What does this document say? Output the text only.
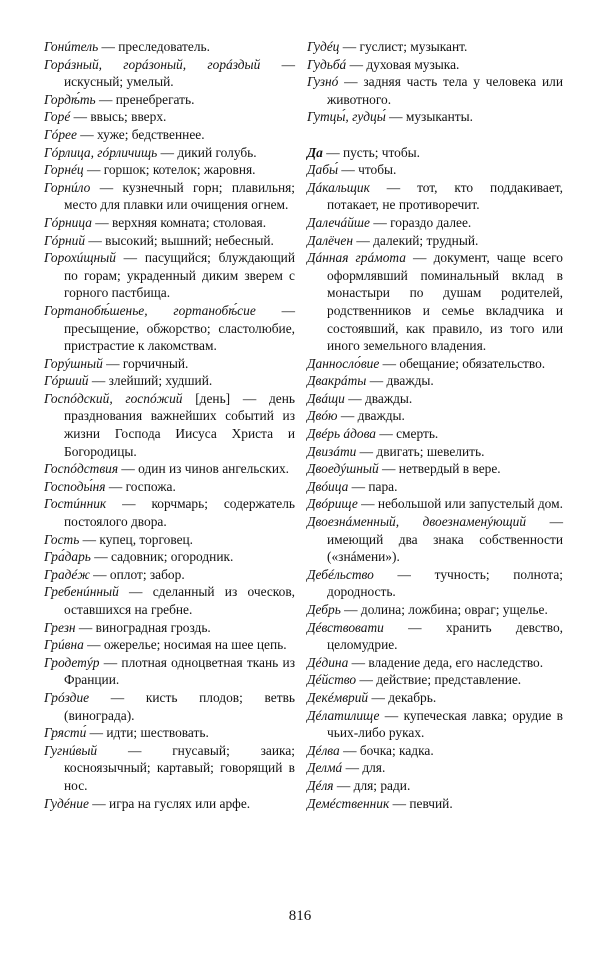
Гонúтель — преследователь.

Горáзный, горáзоный, горáздый — искусный; умелый.

Гордѣ́ть — пренебрегать.

Горé — ввысь; вверх.

Гóрее — хуже; бедственнее.

Гóрлица, гóрличищь — дикий голубь.

Горнéц — горшок; котелок; жаровня.

Горнúло — кузнечный горн; плавильня; место для плавки или очищения огнем.

Гóрница — верхняя комната; столовая.

Гóрний — высокий; вышний; небесный.

Горохúщный — пасущийся; блуждающий по горам; украденный диким зверем с горного пастбища.

Гортанобѣ́шенье, гортанобѣ́сие — пресыщение, обжорство; сластолюбие, пристрастие к лакомствам.

Горýшный — горчичный.

Гóрший — злейший; худший.

Госпóдский, госпóжий [день] — день празднования важнейших событий из жизни Господа Иисуса Христа и Богородицы.

Госпóдствия — один из чинов ангельских.

Господы́ня — госпожа.

Гостúнник — корчмарь; содержатель постоялого двора.

Гость — купец, торговец.

Гра́дарь — садовник; огородник.

Градéж — оплот; забор.

Гребенúнный — сделанный из оческов, оставшихся на гребне.

Грезн — виноградная гроздь.

Грúвна — ожерелье; носимая на шее цепь.

Гродетýр — плотная одноцветная ткань из Франции.

Грóздие — кисть плодов; ветвь (винограда).

Грясти́ — идти; шествовать.

Гугнúвый — гнусавый; заика; косноязычный; картавый; говорящий в нос.

Гудéние — игра на гуслях или арфе.

Гудéц — гуслист; музыкант.

Гудьбá — духовая музыка.

Гузнó — задняя часть тела у человека или животного.

Гутцы́, гудцы́ — музыканты.

Да — пусть; чтобы.

Дабы́ — чтобы.

Дáкальщик — тот, кто поддакивает, потакает, не противоречит.

Далечáйше — гораздо далее.

Далёчен — далекий; трудный.

Дáнная грáмота — документ, чаще всего оформлявший поминальный вклад в монастыри по душам родителей, родственников и семье вкладчика и состоявший, как правило, из того или иного земельного владения.

Данносло́вие — обещание; обязательство.

Двакрáты — дважды.

Двáщи — дважды.

Двóю — дважды.

Двéрь áдова — смерть.

Двизáти — двигать; шевелить.

Двоедýшный — нетвердый в вере.

Двóица — пара.

Двóрище — небольшой или запустелый дом.

Двоезнáменный, двоезнаменýющий — имеющий два знака собственности («знáмени»).

Дебéльство — тучность; полнота; дородность.

Дебрь — долина; ложбина; овраг; ущелье.

Дéвствовати — хранить девство, целомудрие.

Дéдина — владение деда, его наследство.

Дéйство — действие; представление.

Декéмврий — декабрь.

Дéлатилище — купеческая лавка; орудие в чьих-либо руках.

Дéлва — бочка; кадка.

Делмá — для.

Дéля — для; ради.

Демéственник — певчий.

816
